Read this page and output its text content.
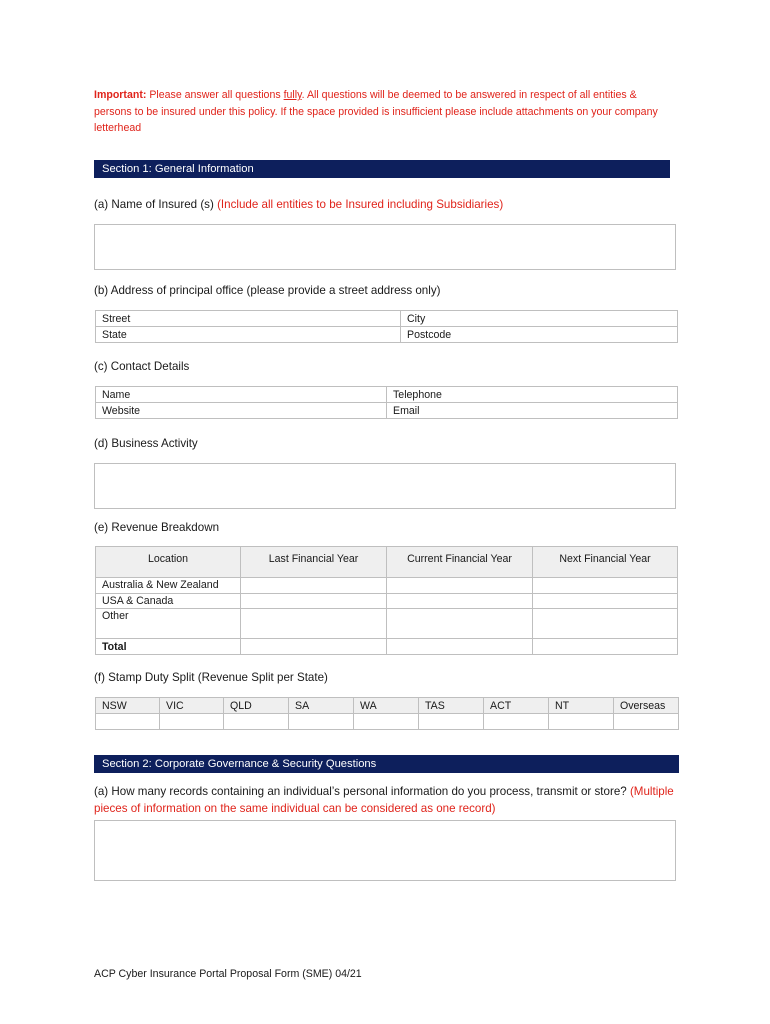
Important: Please answer all questions fully. All questions will be deemed to be answered in respect of all entities & persons to be insured under this policy. If the space provided is insufficient please include attachments on your company letterhead
Section 1: General Information
(a) Name of Insured (s) (Include all entities to be Insured including Subsidiaries)
(b) Address of principal office (please provide a street address only)
Street	City
State	Postcode
(c) Contact Details
Name	Telephone
Website	Email
(d) Business Activity
(e) Revenue Breakdown
Location	Last Financial Year	Current Financial Year	Next Financial Year
Australia & New Zealand			
USA & Canada			
Other			
Total			
(f) Stamp Duty Split (Revenue Split per State)
NSW	VIC	QLD	SA	WA	TAS	ACT	NT	Overseas

Section 2: Corporate Governance & Security Questions
(a) How many records containing an individual’s personal information do you process, transmit or store? (Multiple pieces of information on the same individual can be considered as one record)
ACP Cyber Insurance Portal Proposal Form (SME) 04/21
